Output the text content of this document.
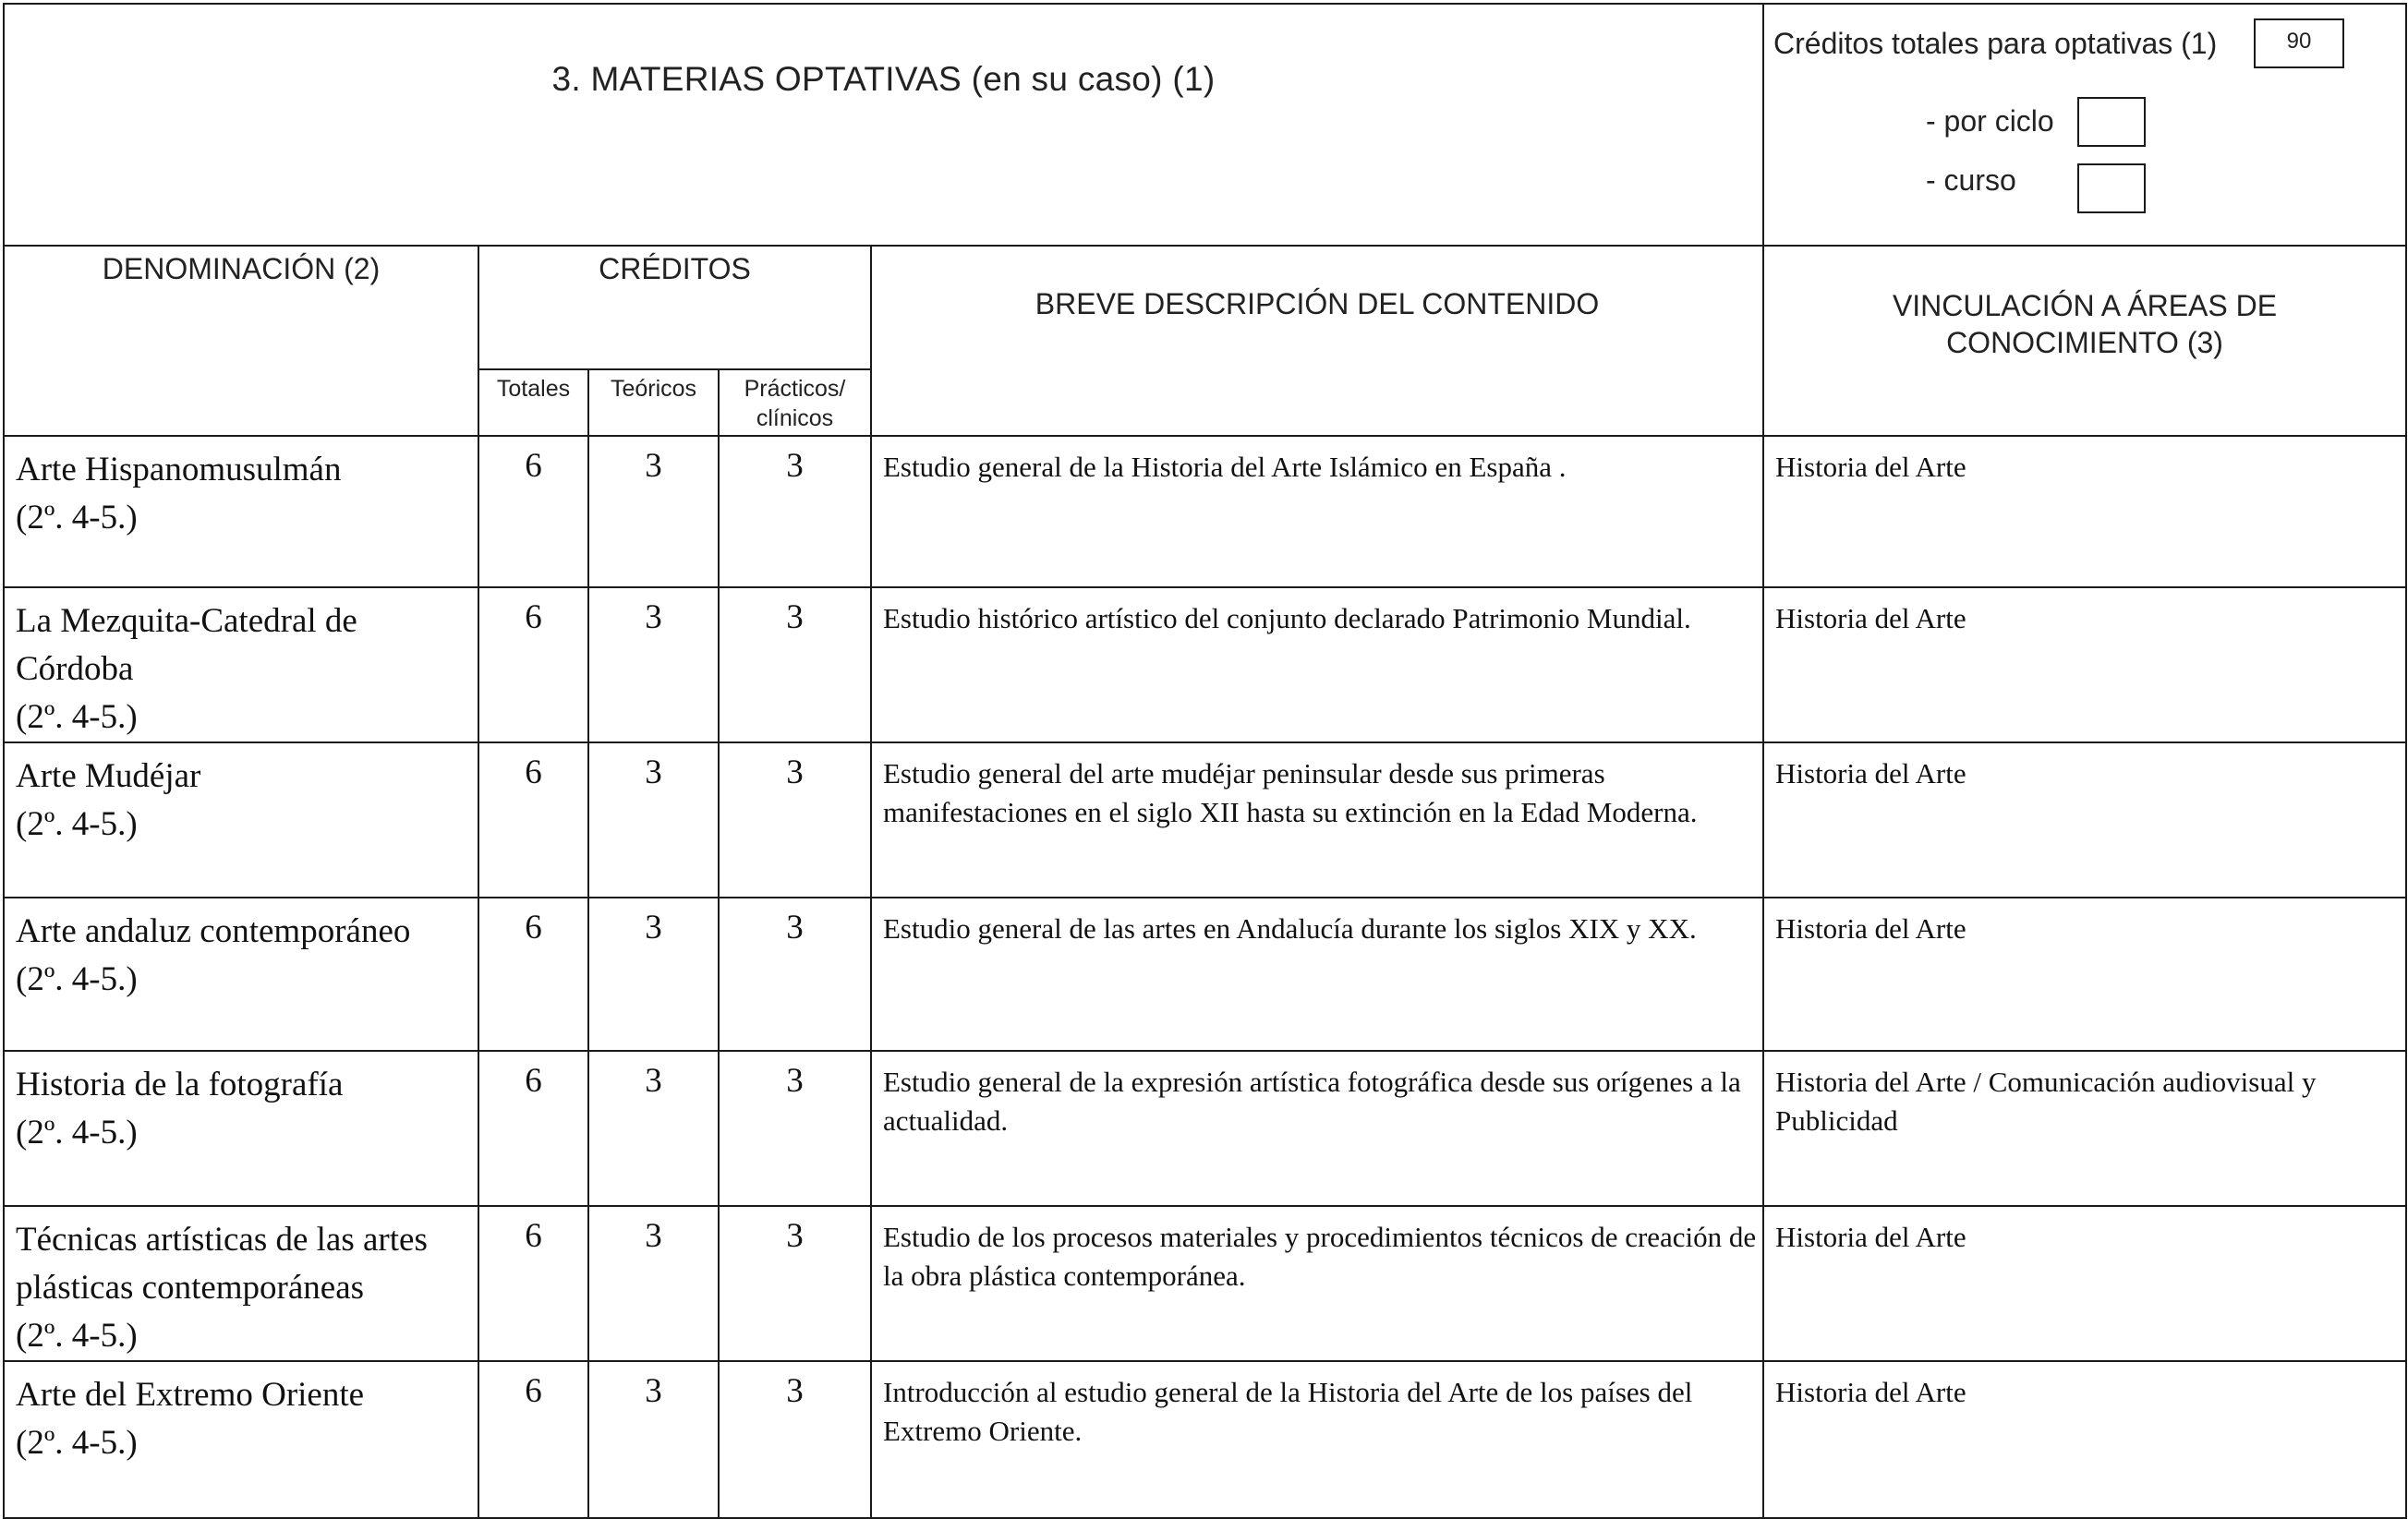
3. MATERIAS OPTATIVAS (en su caso) (1)					Créditos totales para optativas (1) 90
- por ciclo
- curso

DENOMINACIÓN (2)	CRÉDITOS			BREVE DESCRIPCIÓN DEL CONTENIDO	VINCULACIÓN A ÁREAS DE
CONOCIMIENTO (3)

	Totales	Teóricos	Prácticos/
clínicos		

Arte Hispanomusulmán
(2º. 4-5.)	6	3	3	Estudio general de la Historia del Arte Islámico en España .	Historia del Arte

La Mezquita-Catedral de
Córdoba
(2º. 4-5.)	6	3	3	Estudio histórico artístico del conjunto declarado Patrimonio Mundial.	Historia del Arte

Arte Mudéjar
(2º. 4-5.)	6	3	3	Estudio general del arte mudéjar peninsular desde sus primeras manifestaciones en el siglo XII hasta su extinción en la Edad Moderna.	Historia del Arte

Arte andaluz contemporáneo
(2º. 4-5.)	6	3	3	Estudio general de las artes en Andalucía durante los siglos XIX y XX.	Historia del Arte

Historia de la fotografía
(2º. 4-5.)	6	3	3	Estudio general de la expresión artística fotográfica desde sus orígenes a la actualidad.	Historia del Arte / Comunicación audiovisual y Publicidad

Técnicas artísticas de las artes
plásticas contemporáneas
(2º. 4-5.)	6	3	3	Estudio de los procesos materiales y procedimientos técnicos de creación de la obra plástica contemporánea.	Historia del Arte

Arte del Extremo Oriente
(2º. 4-5.)	6	3	3	Introducción al estudio general de la Historia del Arte de los países del Extremo Oriente.	Historia del Arte
